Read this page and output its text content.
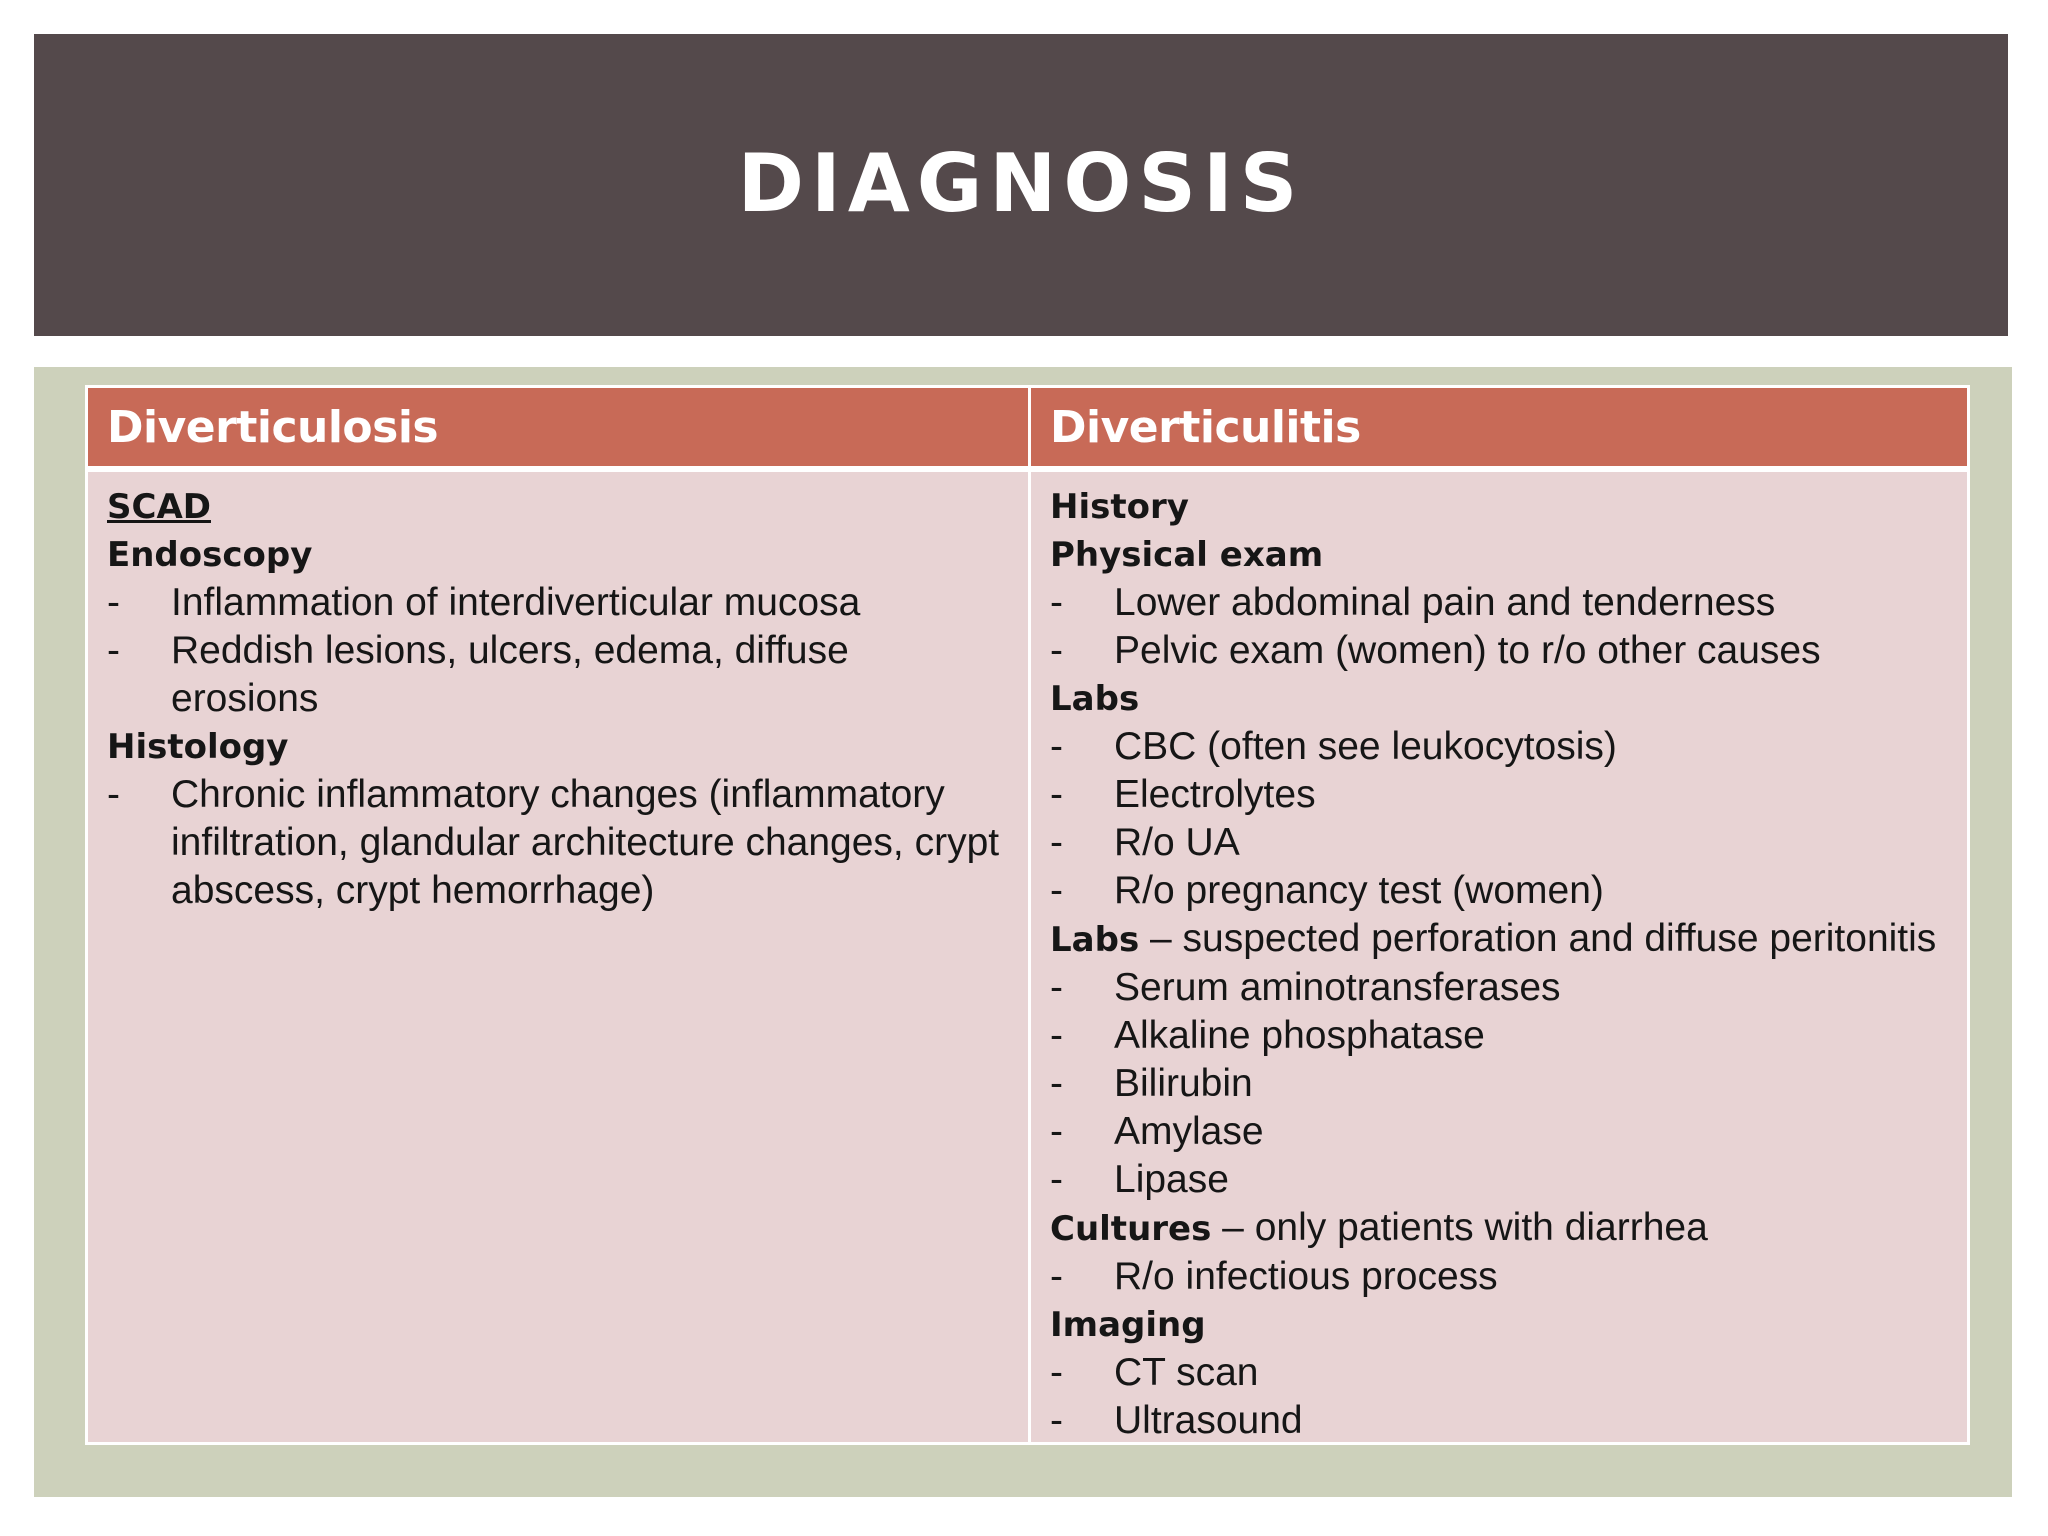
DIAGNOSIS
Diverticulosis	Diverticulitis
SCAD
Endoscopy
- Inflammation of interdiverticular mucosa
- Reddish lesions, ulcers, edema, diffuse erosions
Histology
- Chronic inflammatory changes (inflammatory infiltration, glandular architecture changes, crypt abscess, crypt hemorrhage)
History
Physical exam
- Lower abdominal pain and tenderness
- Pelvic exam (women) to r/o other causes
Labs
- CBC (often see leukocytosis)
- Electrolytes
- R/o UA
- R/o pregnancy test (women)
Labs – suspected perforation and diffuse peritonitis
- Serum aminotransferases
- Alkaline phosphatase
- Bilirubin
- Amylase
- Lipase
Cultures – only patients with diarrhea
- R/o infectious process
Imaging
- CT scan
- Ultrasound
